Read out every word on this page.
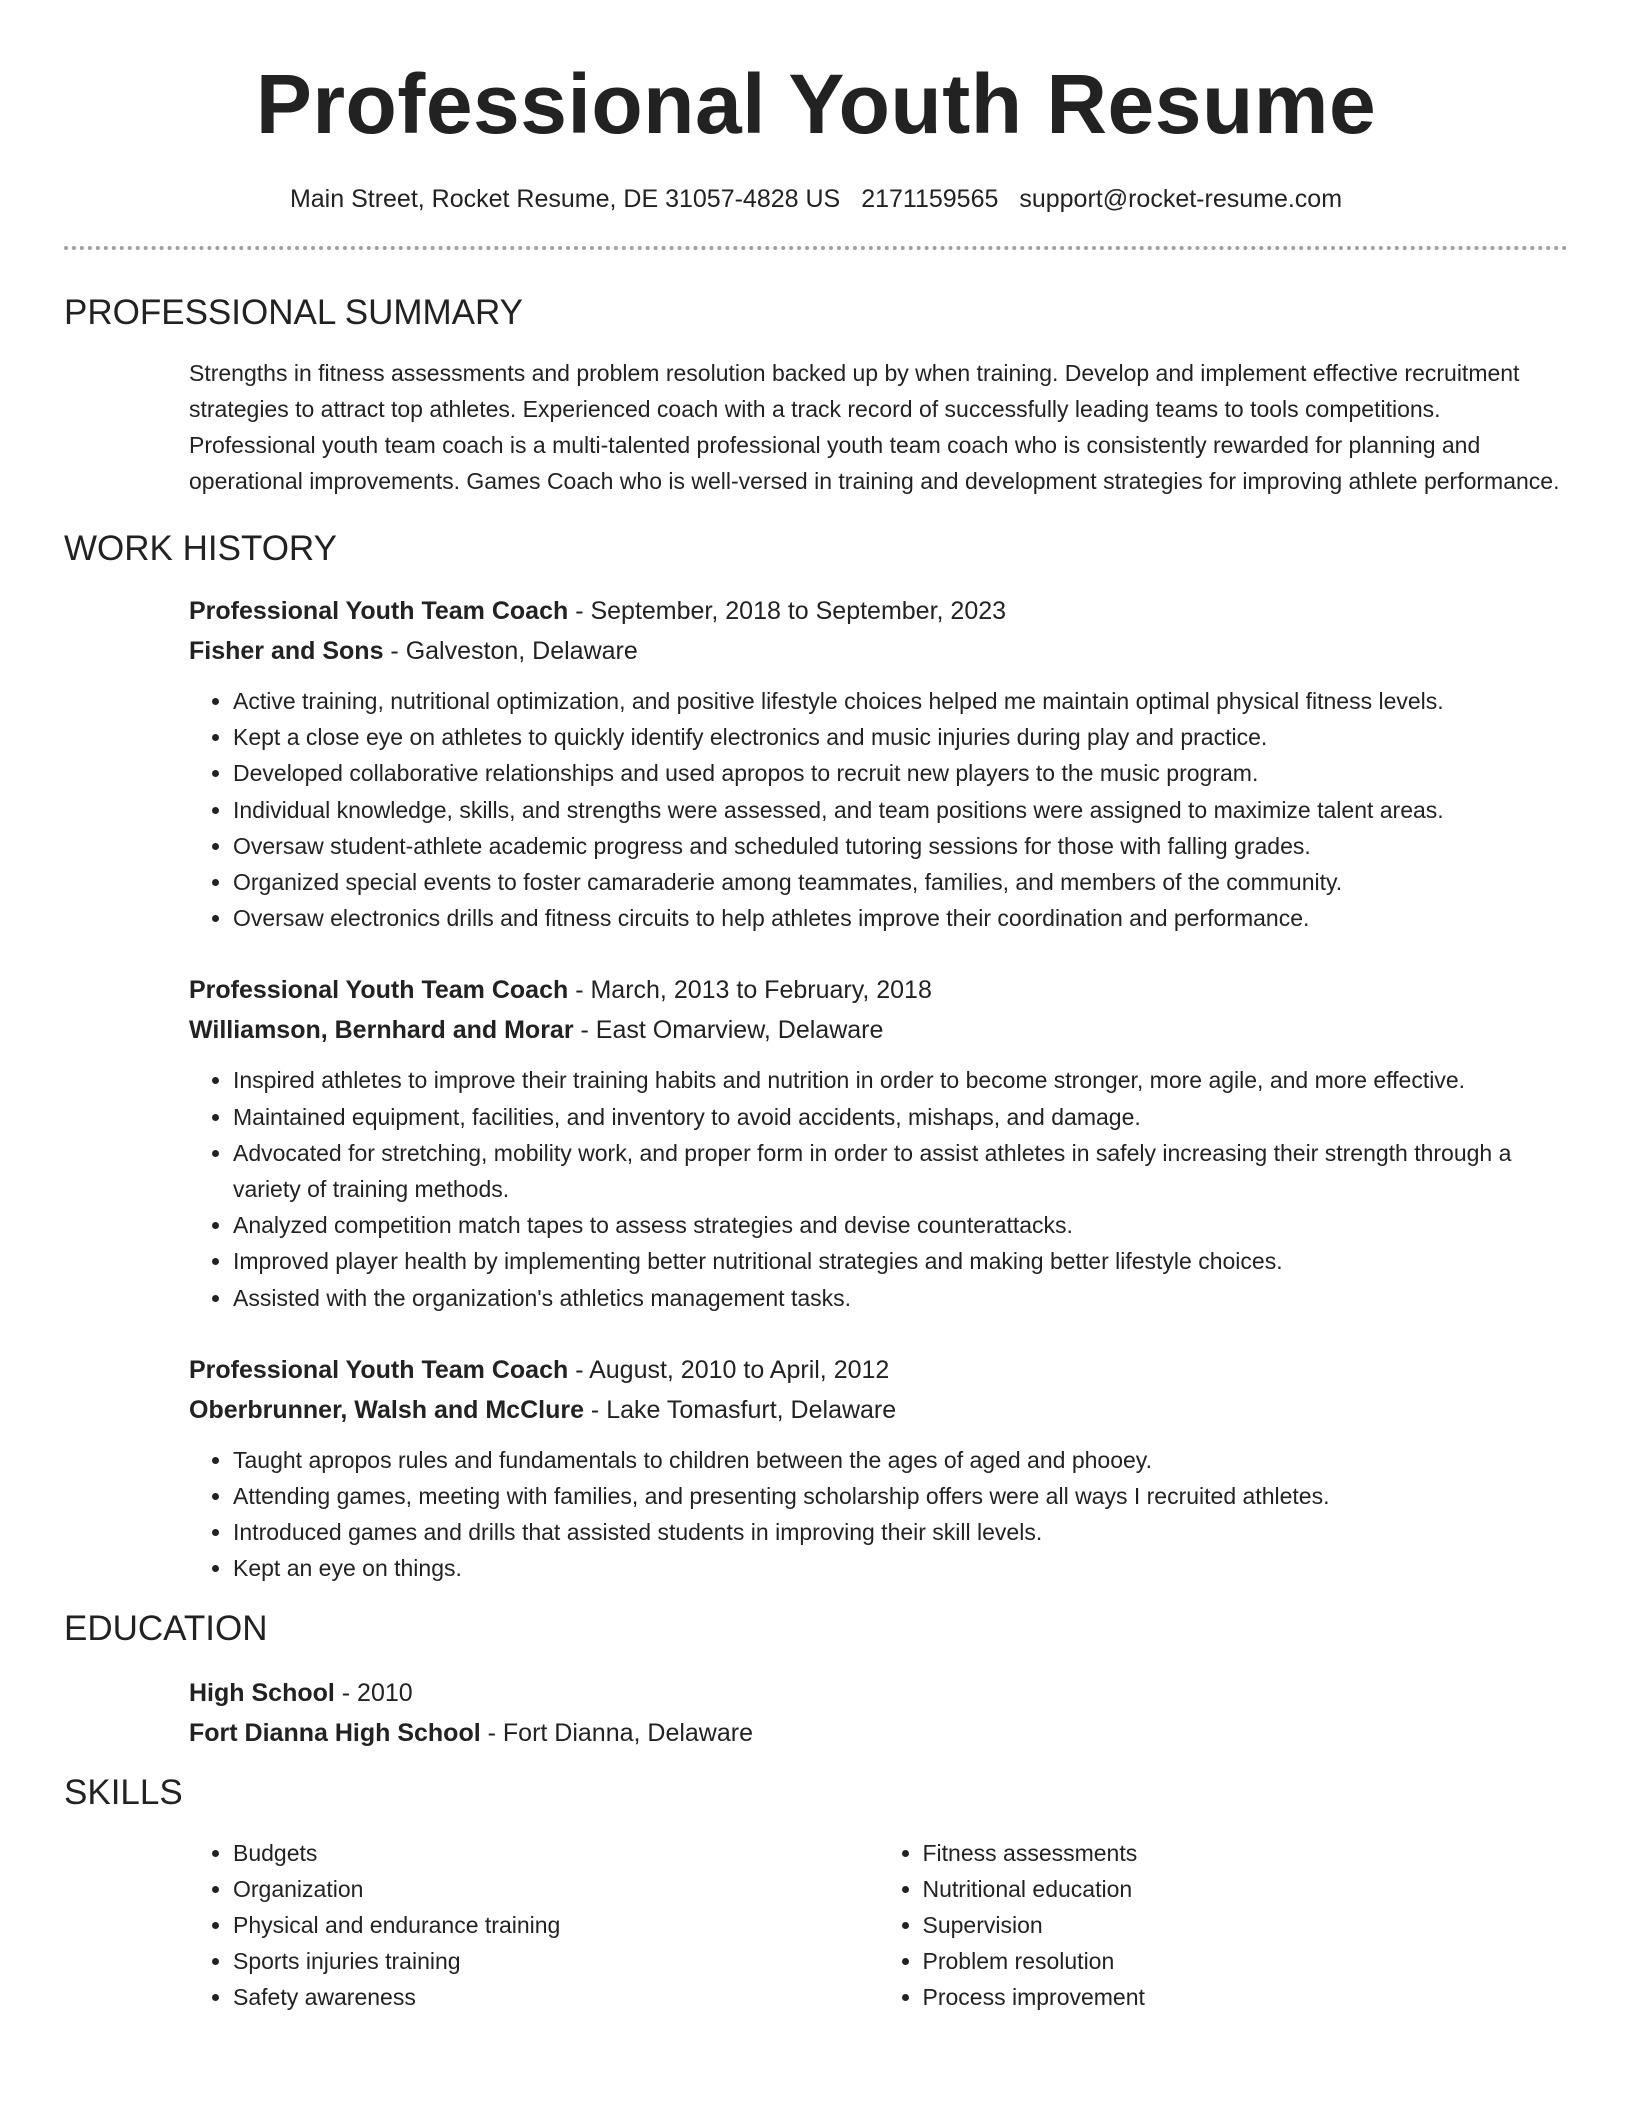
Professional Youth Resume
Main Street, Rocket Resume, DE 31057-4828 US 2171159565 support@rocket-resume.com
PROFESSIONAL SUMMARY
Strengths in fitness assessments and problem resolution backed up by when training. Develop and implement effective recruitment strategies to attract top athletes. Experienced coach with a track record of successfully leading teams to tools competitions. Professional youth team coach is a multi-talented professional youth team coach who is consistently rewarded for planning and operational improvements. Games Coach who is well-versed in training and development strategies for improving athlete performance.
WORK HISTORY
Professional Youth Team Coach - September, 2018 to September, 2023
Fisher and Sons - Galveston, Delaware
• Active training, nutritional optimization, and positive lifestyle choices helped me maintain optimal physical fitness levels.
• Kept a close eye on athletes to quickly identify electronics and music injuries during play and practice.
• Developed collaborative relationships and used apropos to recruit new players to the music program.
• Individual knowledge, skills, and strengths were assessed, and team positions were assigned to maximize talent areas.
• Oversaw student-athlete academic progress and scheduled tutoring sessions for those with falling grades.
• Organized special events to foster camaraderie among teammates, families, and members of the community.
• Oversaw electronics drills and fitness circuits to help athletes improve their coordination and performance.
Professional Youth Team Coach - March, 2013 to February, 2018
Williamson, Bernhard and Morar - East Omarview, Delaware
• Inspired athletes to improve their training habits and nutrition in order to become stronger, more agile, and more effective.
• Maintained equipment, facilities, and inventory to avoid accidents, mishaps, and damage.
• Advocated for stretching, mobility work, and proper form in order to assist athletes in safely increasing their strength through a variety of training methods.
• Analyzed competition match tapes to assess strategies and devise counterattacks.
• Improved player health by implementing better nutritional strategies and making better lifestyle choices.
• Assisted with the organization's athletics management tasks.
Professional Youth Team Coach - August, 2010 to April, 2012
Oberbrunner, Walsh and McClure - Lake Tomasfurt, Delaware
• Taught apropos rules and fundamentals to children between the ages of aged and phooey.
• Attending games, meeting with families, and presenting scholarship offers were all ways I recruited athletes.
• Introduced games and drills that assisted students in improving their skill levels.
• Kept an eye on things.
EDUCATION
High School - 2010
Fort Dianna High School - Fort Dianna, Delaware
SKILLS
• Budgets
• Organization
• Physical and endurance training
• Sports injuries training
• Safety awareness
• Fitness assessments
• Nutritional education
• Supervision
• Problem resolution
• Process improvement
